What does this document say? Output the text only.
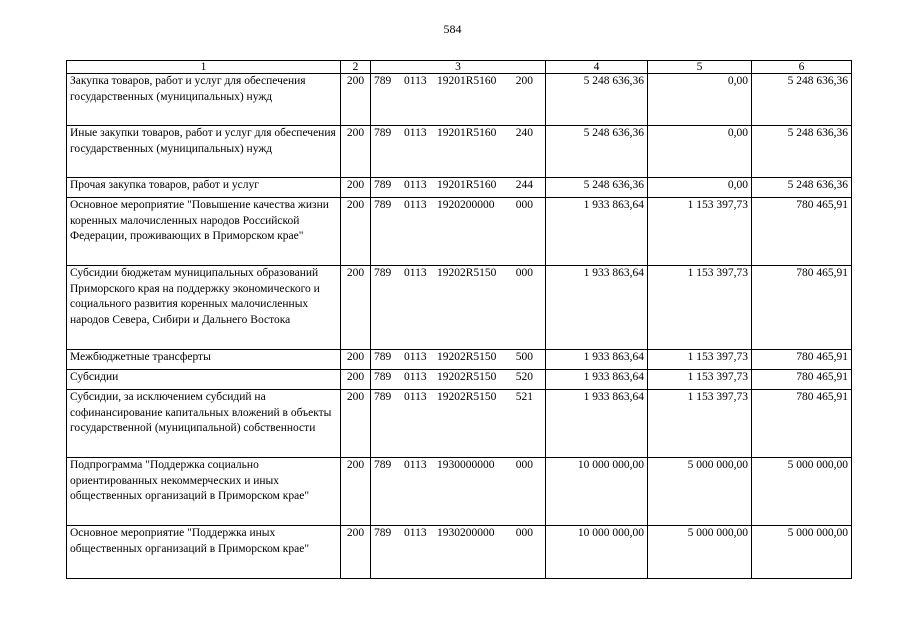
584
1	2	3	4	5	6
Закупка товаров, работ и услуг для обеспечения государственных (муниципальных) нужд	200	789 0113 19201R5160 200	5 248 636,36	0,00	5 248 636,36
Иные закупки товаров, работ и услуг для обеспечения государственных (муниципальных) нужд	200	789 0113 19201R5160 240	5 248 636,36	0,00	5 248 636,36
Прочая закупка товаров, работ и услуг	200	789 0113 19201R5160 244	5 248 636,36	0,00	5 248 636,36
Основное мероприятие "Повышение качества жизни коренных малочисленных народов Российской Федерации, проживающих в Приморском крае"	200	789 0113 1920200000 000	1 933 863,64	1 153 397,73	780 465,91
Субсидии бюджетам муниципальных образований Приморского края на поддержку экономического и социального развития коренных малочисленных народов Севера, Сибири и Дальнего Востока	200	789 0113 19202R5150 000	1 933 863,64	1 153 397,73	780 465,91
Межбюджетные трансферты	200	789 0113 19202R5150 500	1 933 863,64	1 153 397,73	780 465,91
Субсидии	200	789 0113 19202R5150 520	1 933 863,64	1 153 397,73	780 465,91
Субсидии, за исключением субсидий на софинансирование капитальных вложений в объекты государственной (муниципальной) собственности	200	789 0113 19202R5150 521	1 933 863,64	1 153 397,73	780 465,91
Подпрограмма "Поддержка социально ориентированных некоммерческих и иных общественных организаций в Приморском крае"	200	789 0113 1930000000 000	10 000 000,00	5 000 000,00	5 000 000,00
Основное мероприятие "Поддержка иных общественных организаций в Приморском крае"	200	789 0113 1930200000 000	10 000 000,00	5 000 000,00	5 000 000,00
